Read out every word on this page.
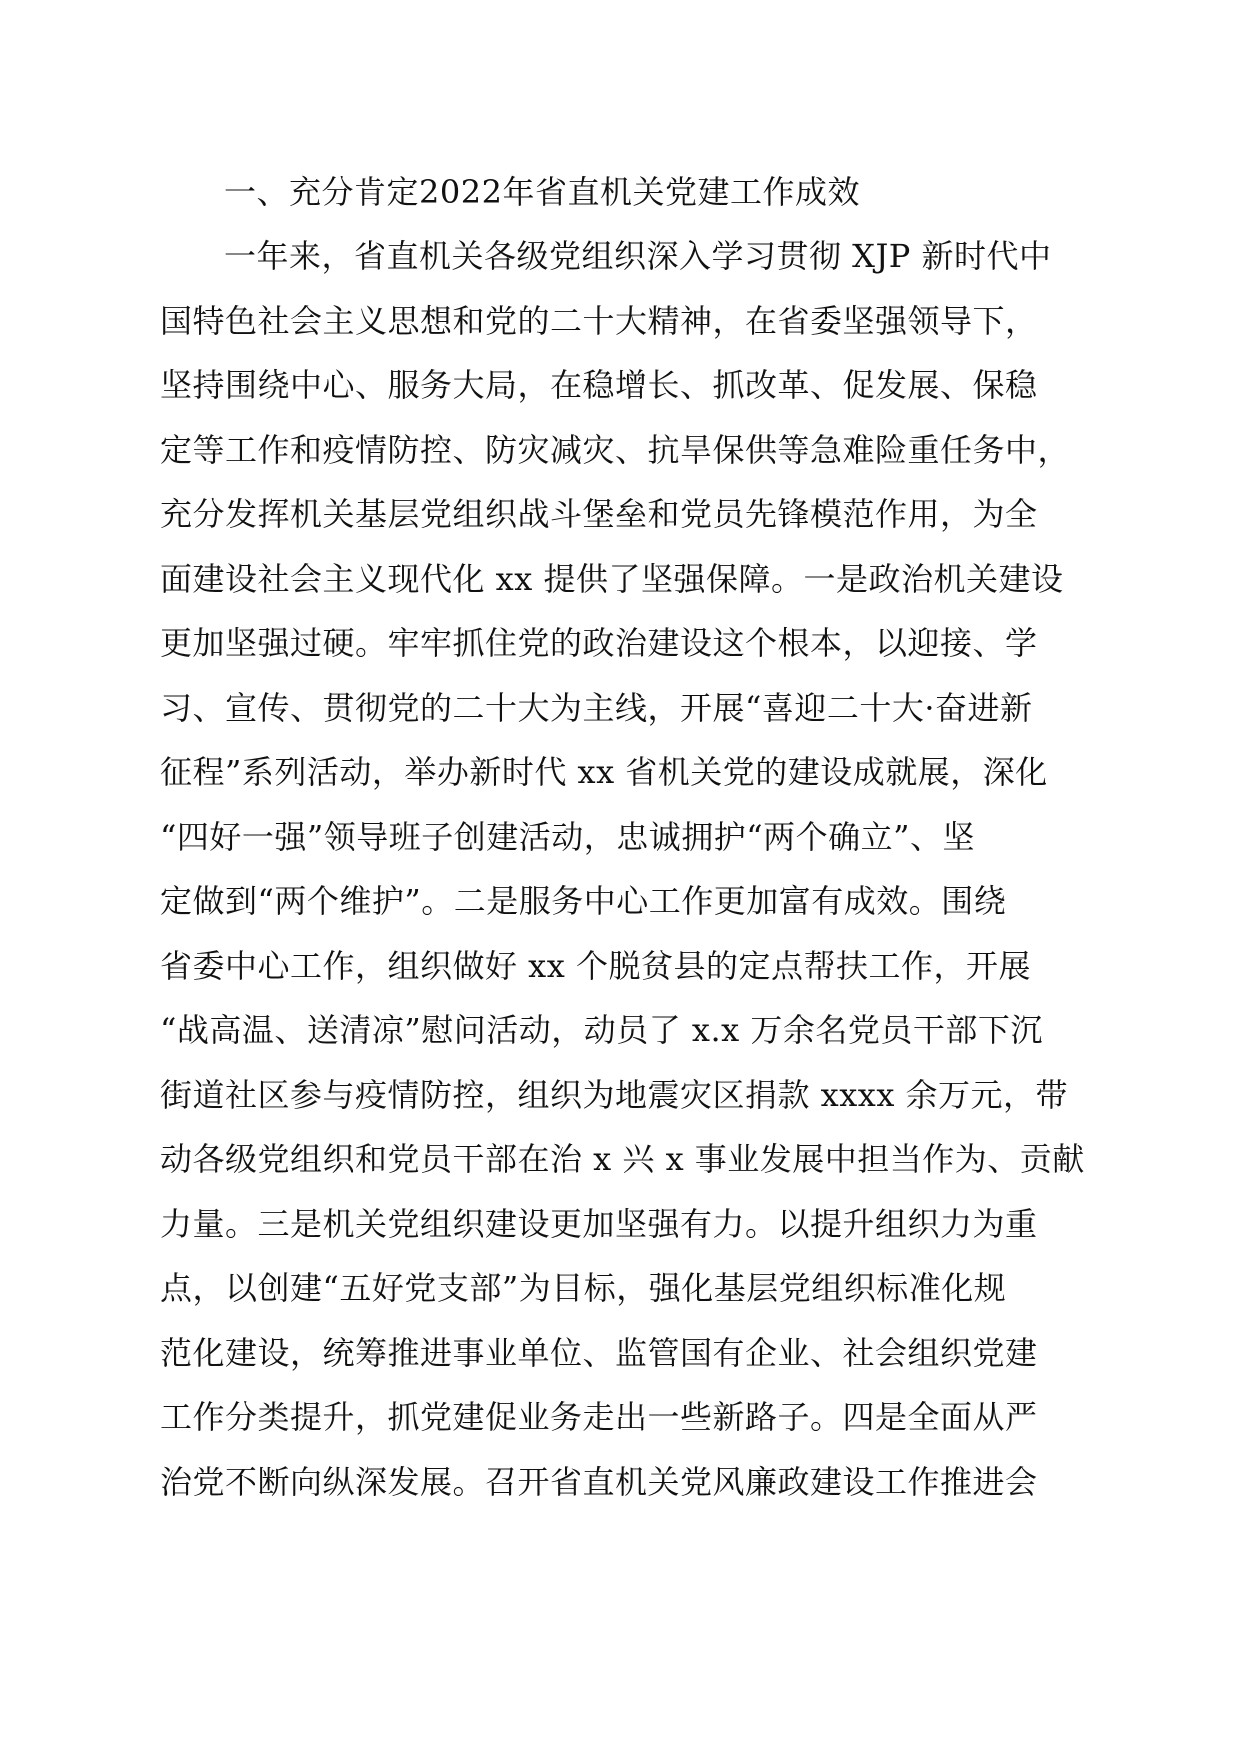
一、充分肯定2022年省直机关党建工作成效
一年来，省直机关各级党组织深入学习贯彻 XJP 新时代中
国特色社会主义思想和党的二十大精神，在省委坚强领导下，
坚持围绕中心、服务大局，在稳增长、抓改革、促发展、保稳
定等工作和疫情防控、防灾减灾、抗旱保供等急难险重任务中，
充分发挥机关基层党组织战斗堡垒和党员先锋模范作用，为全
面建设社会主义现代化 xx 提供了坚强保障。一是政治机关建设
更加坚强过硬。牢牢抓住党的政治建设这个根本，以迎接、学
习、宣传、贯彻党的二十大为主线，开展“喜迎二十大·奋进新
征程”系列活动，举办新时代 xx 省机关党的建设成就展，深化
“四好一强”领导班子创建活动，忠诚拥护“两个确立”、坚
定做到“两个维护”。二是服务中心工作更加富有成效。围绕
省委中心工作，组织做好 xx 个脱贫县的定点帮扶工作，开展
“战高温、送清凉”慰问活动，动员了 x.x 万余名党员干部下沉
街道社区参与疫情防控，组织为地震灾区捐款 xxxx 余万元，带
动各级党组织和党员干部在治 x 兴 x 事业发展中担当作为、贡献
力量。三是机关党组织建设更加坚强有力。以提升组织力为重
点，以创建“五好党支部”为目标，强化基层党组织标准化规
范化建设，统筹推进事业单位、监管国有企业、社会组织党建
工作分类提升，抓党建促业务走出一些新路子。四是全面从严
治党不断向纵深发展。召开省直机关党风廉政建设工作推进会
